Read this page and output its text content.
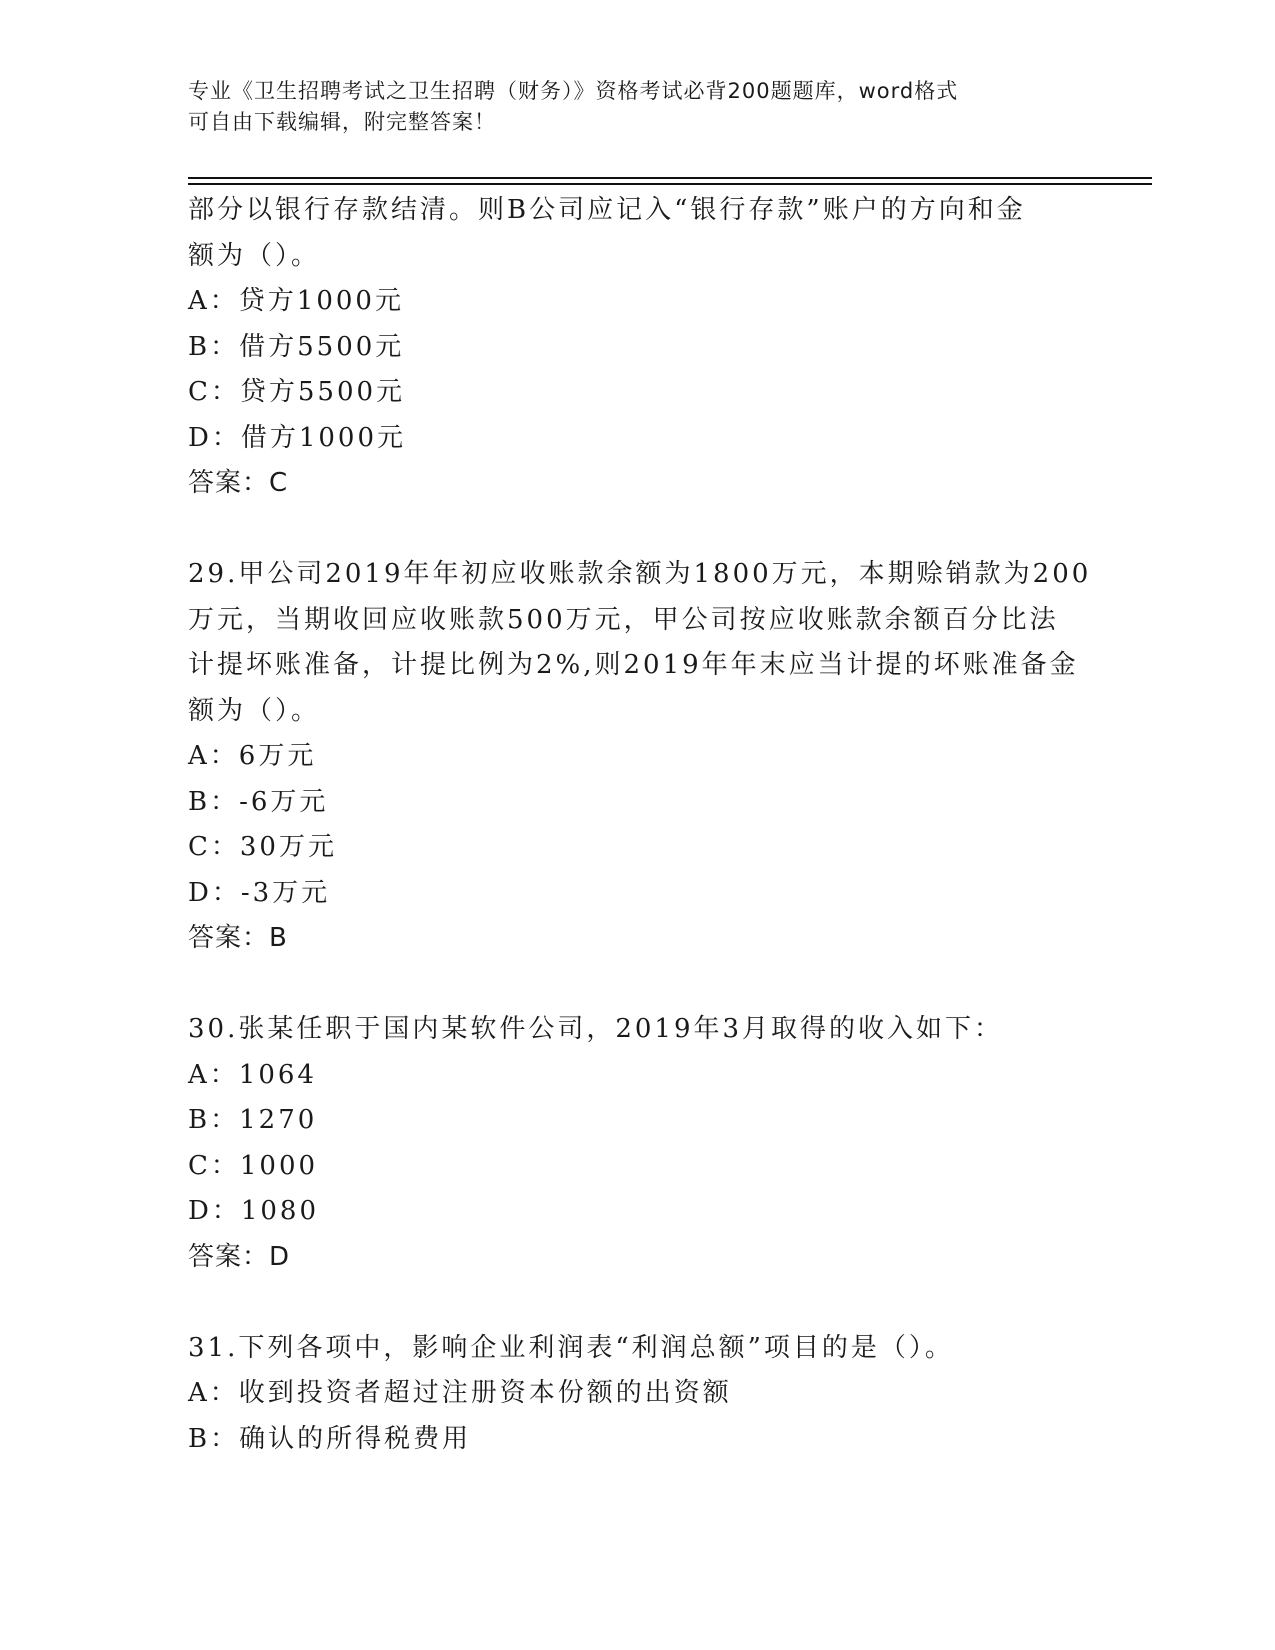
专业《卫生招聘考试之卫生招聘（财务）》资格考试必背200题题库，word格式
可自由下载编辑，附完整答案！
部分以银行存款结清。则B公司应记入“银行存款”账户的方向和金
额为（）。
A：贷方1000元
B：借方5500元
C：贷方5500元
D：借方1000元
答案：C
29.甲公司2019年年初应收账款余额为1800万元，本期赊销款为200
万元，当期收回应收账款500万元，甲公司按应收账款余额百分比法
计提坏账准备，计提比例为2%,则2019年年末应当计提的坏账准备金
额为（）。
A：6万元
B：-6万元
C：30万元
D：-3万元
答案：B
30.张某任职于国内某软件公司，2019年3月取得的收入如下：
A：1064
B：1270
C：1000
D：1080
答案：D
31.下列各项中，影响企业利润表“利润总额”项目的是（）。
A：收到投资者超过注册资本份额的出资额
B：确认的所得税费用
